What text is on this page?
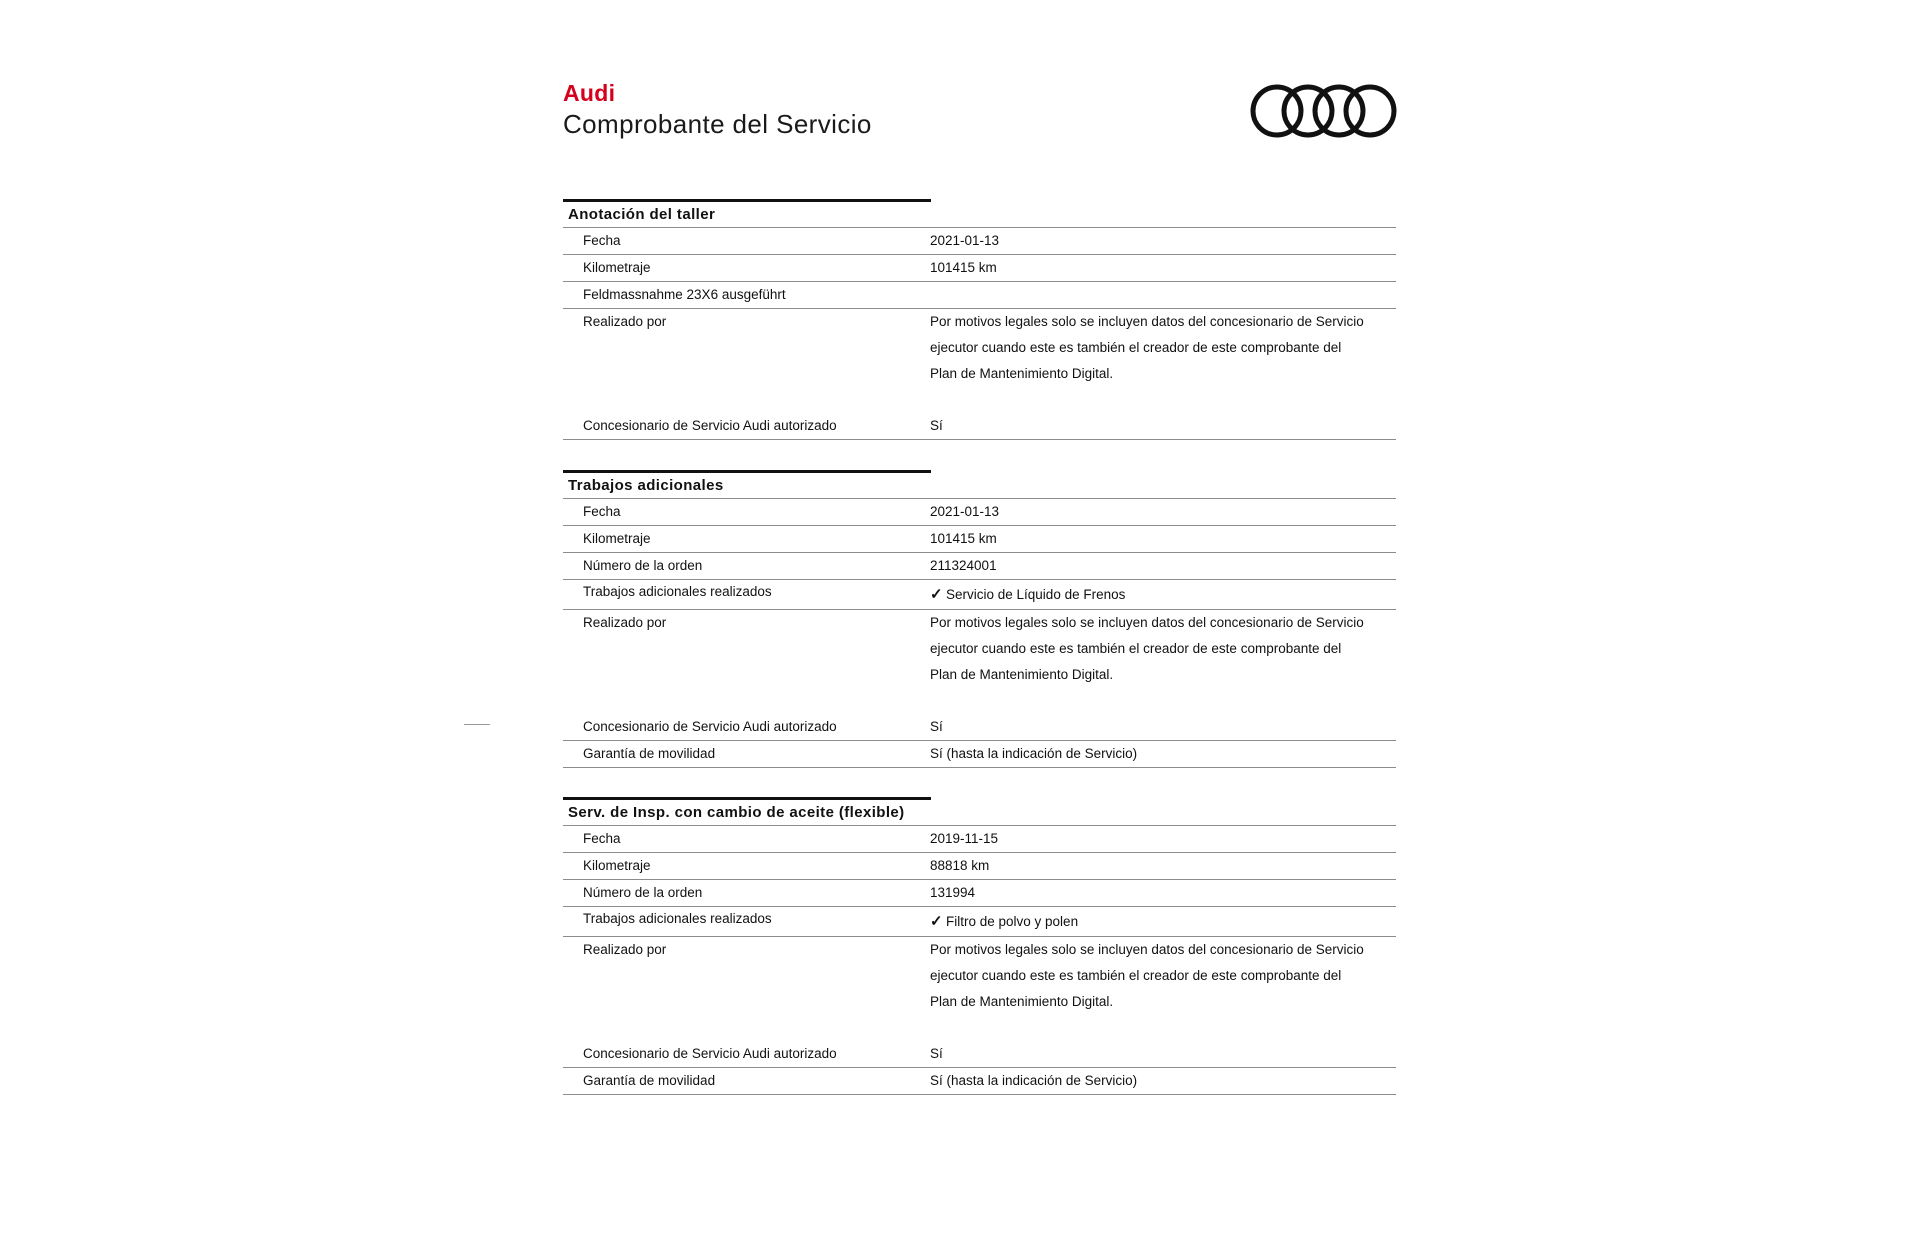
Audi
Comprobante del Servicio
Anotación del taller
Fecha	2021-01-13
Kilometraje	101415 km
Feldmassnahme 23X6 ausgeführt
Realizado por	Por motivos legales solo se incluyen datos del concesionario de Servicio ejecutor cuando este es también el creador de este comprobante del Plan de Mantenimiento Digital.
Concesionario de Servicio Audi autorizado	Sí
Trabajos adicionales
Fecha	2021-01-13
Kilometraje	101415 km
Número de la orden	211324001
Trabajos adicionales realizados	✓ Servicio de Líquido de Frenos
Realizado por	Por motivos legales solo se incluyen datos del concesionario de Servicio ejecutor cuando este es también el creador de este comprobante del Plan de Mantenimiento Digital.
Concesionario de Servicio Audi autorizado	Sí
Garantía de movilidad	Sí (hasta la indicación de Servicio)
Serv. de Insp. con cambio de aceite (flexible)
Fecha	2019-11-15
Kilometraje	88818 km
Número de la orden	131994
Trabajos adicionales realizados	✓ Filtro de polvo y polen
Realizado por	Por motivos legales solo se incluyen datos del concesionario de Servicio ejecutor cuando este es también el creador de este comprobante del Plan de Mantenimiento Digital.
Concesionario de Servicio Audi autorizado	Sí
Garantía de movilidad	Sí (hasta la indicación de Servicio)
